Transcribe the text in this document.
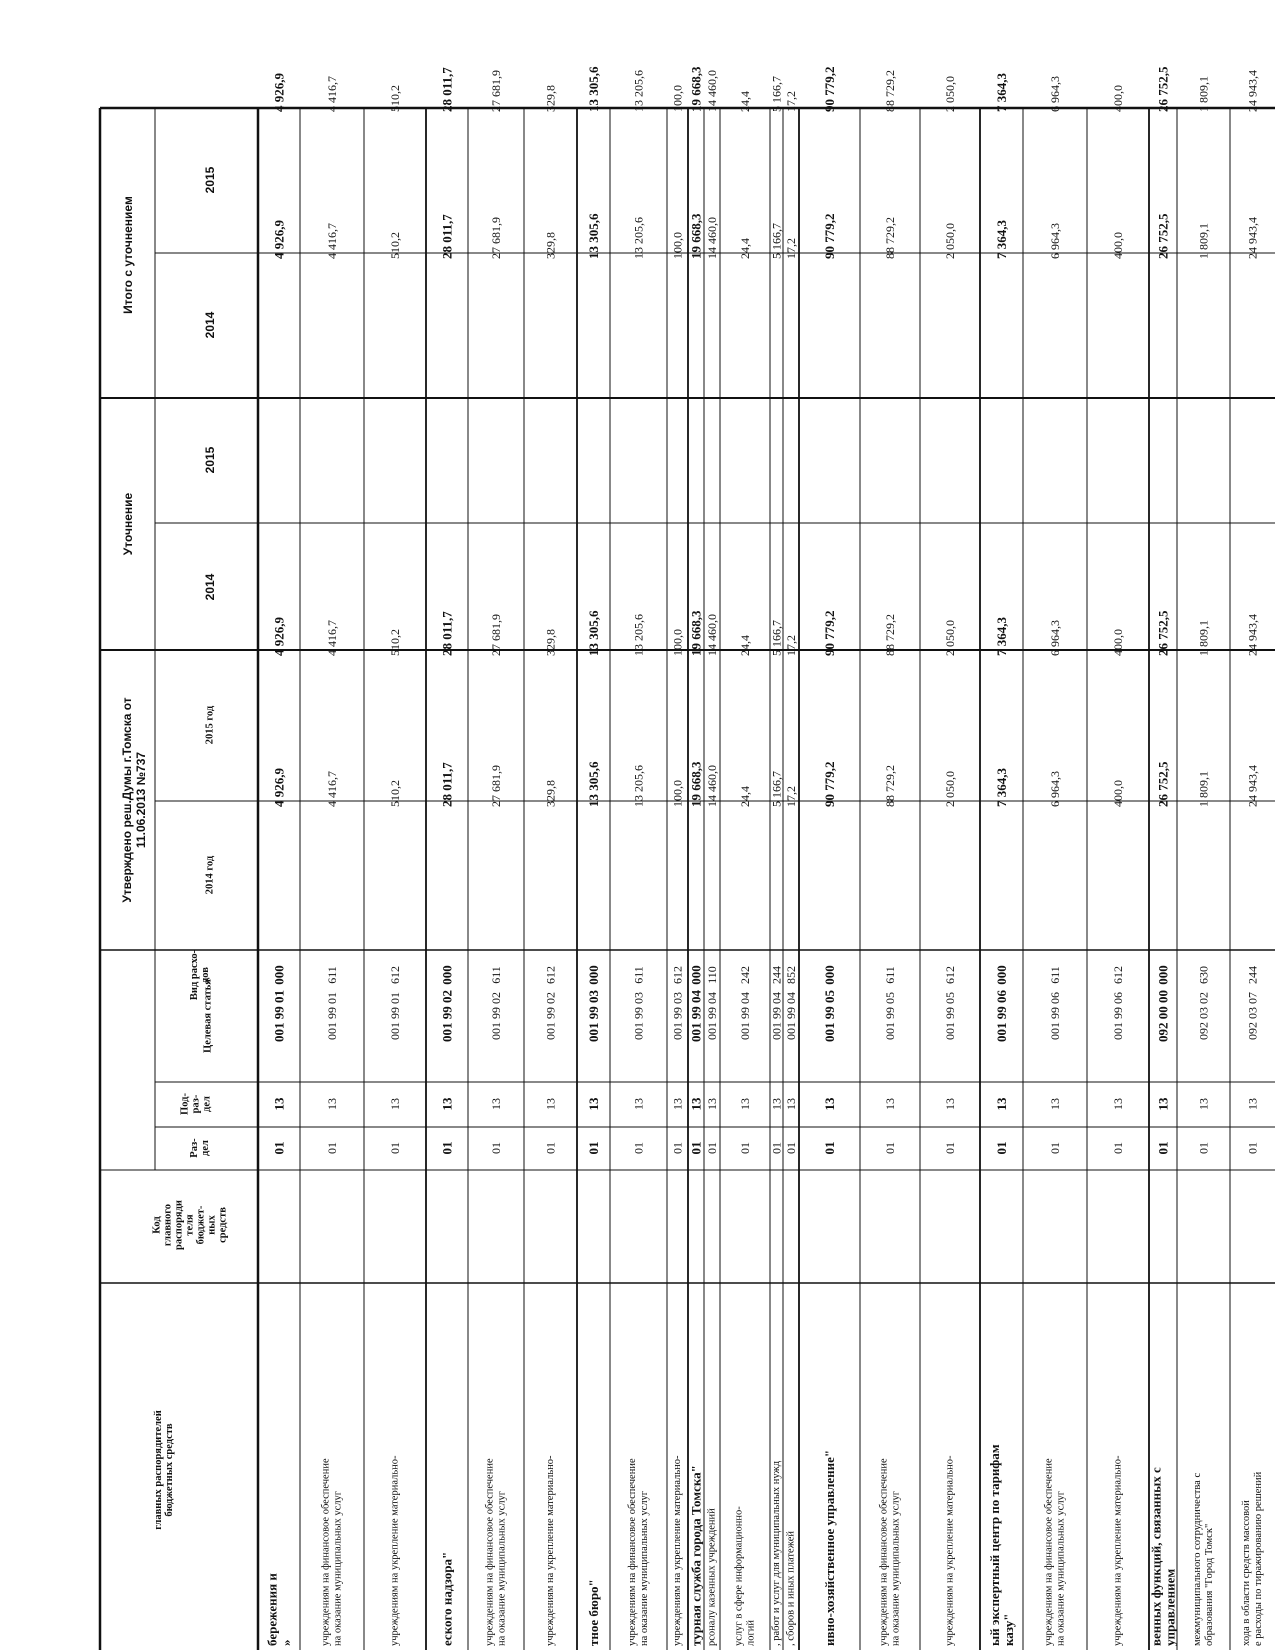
главных распорядителей бюджетных средств
Код главного распоряди теля бюджет- ных средств
Раз- дел
Под- раз- дел
Целевая статья
Вид расхо- дов
Утверждено реш.Думы г.Томска от 11.06.2013 №737
2014 год
2015 год
Уточнение
2014
2015
Итого с уточнением
2014
2015
бережения и »
01
13
001 99 01
000
4 926,9
4 926,9
4 926,9
4 926,9
учреждениям на финансовое обеспечение на оказание муниципальных услуг
01
13
001 99 01
611
4 416,7
4 416,7
4 416,7
4 416,7
учреждениям на укрепление материально-
01
13
001 99 01
612
510,2
510,2
510,2
510,2
еского надзора"
01
13
001 99 02
000
28 011,7
28 011,7
28 011,7
28 011,7
учреждениям на финансовое обеспечение на оказание муниципальных услуг
01
13
001 99 02
611
27 681,9
27 681,9
27 681,9
27 681,9
учреждениям на укрепление материально-
01
13
001 99 02
612
329,8
329,8
329,8
329,8
тное бюро"
01
13
001 99 03
000
13 305,6
13 305,6
13 305,6
13 305,6
учреждениям на финансовое обеспечение на оказание муниципальных услуг
01
13
001 99 03
611
13 205,6
13 205,6
13 205,6
13 205,6
учреждениям на укрепление материально-
01
13
001 99 03
612
100,0
100,0
100,0
100,0
турная служба города Томска"
01
13
001 99 04
000
19 668,3
19 668,3
19 668,3
19 668,3
рсоналу казенных учреждений
01
13
001 99 04
110
14 460,0
14 460,0
14 460,0
14 460,0
услуг в сфере информационно- логий
01
13
001 99 04
242
24,4
24,4
24,4
24,4
, работ и услуг для муниципальных нужд
01
13
001 99 04
244
5 166,7
5 166,7
5 166,7
5 166,7
, сборов и иных платежей
01
13
001 99 04
852
17,2
17,2
17,2
17,2
ивно-хозяйственное управление"
01
13
001 99 05
000
90 779,2
90 779,2
90 779,2
90 779,2
учреждениям на финансовое обеспечение на оказание муниципальных услуг
01
13
001 99 05
611
88 729,2
88 729,2
88 729,2
88 729,2
учреждениям на укрепление материально-
01
13
001 99 05
612
2 050,0
2 050,0
2 050,0
2 050,0
ый экспертный центр по тарифам казу"
01
13
001 99 06
000
7 364,3
7 364,3
7 364,3
7 364,3
учреждениям на финансовое обеспечение на оказание муниципальных услуг
01
13
001 99 06
611
6 964,3
6 964,3
6 964,3
6 964,3
учреждениям на укрепление материально-
01
13
001 99 06
612
400,0
400,0
400,0
400,0
венных функций, связанных с управлением
01
13
092 00 00
000
26 752,5
26 752,5
26 752,5
26 752,5
межмуниципального сотрудничества с образования "Город Томск"
01
13
092 03 02
630
1 809,1
1 809,1
1 809,1
1 809,1
хода в области средств массовой е расходы по тиражированию решений
01
13
092 03 07
244
24 943,4
24 943,4
24 943,4
24 943,4
